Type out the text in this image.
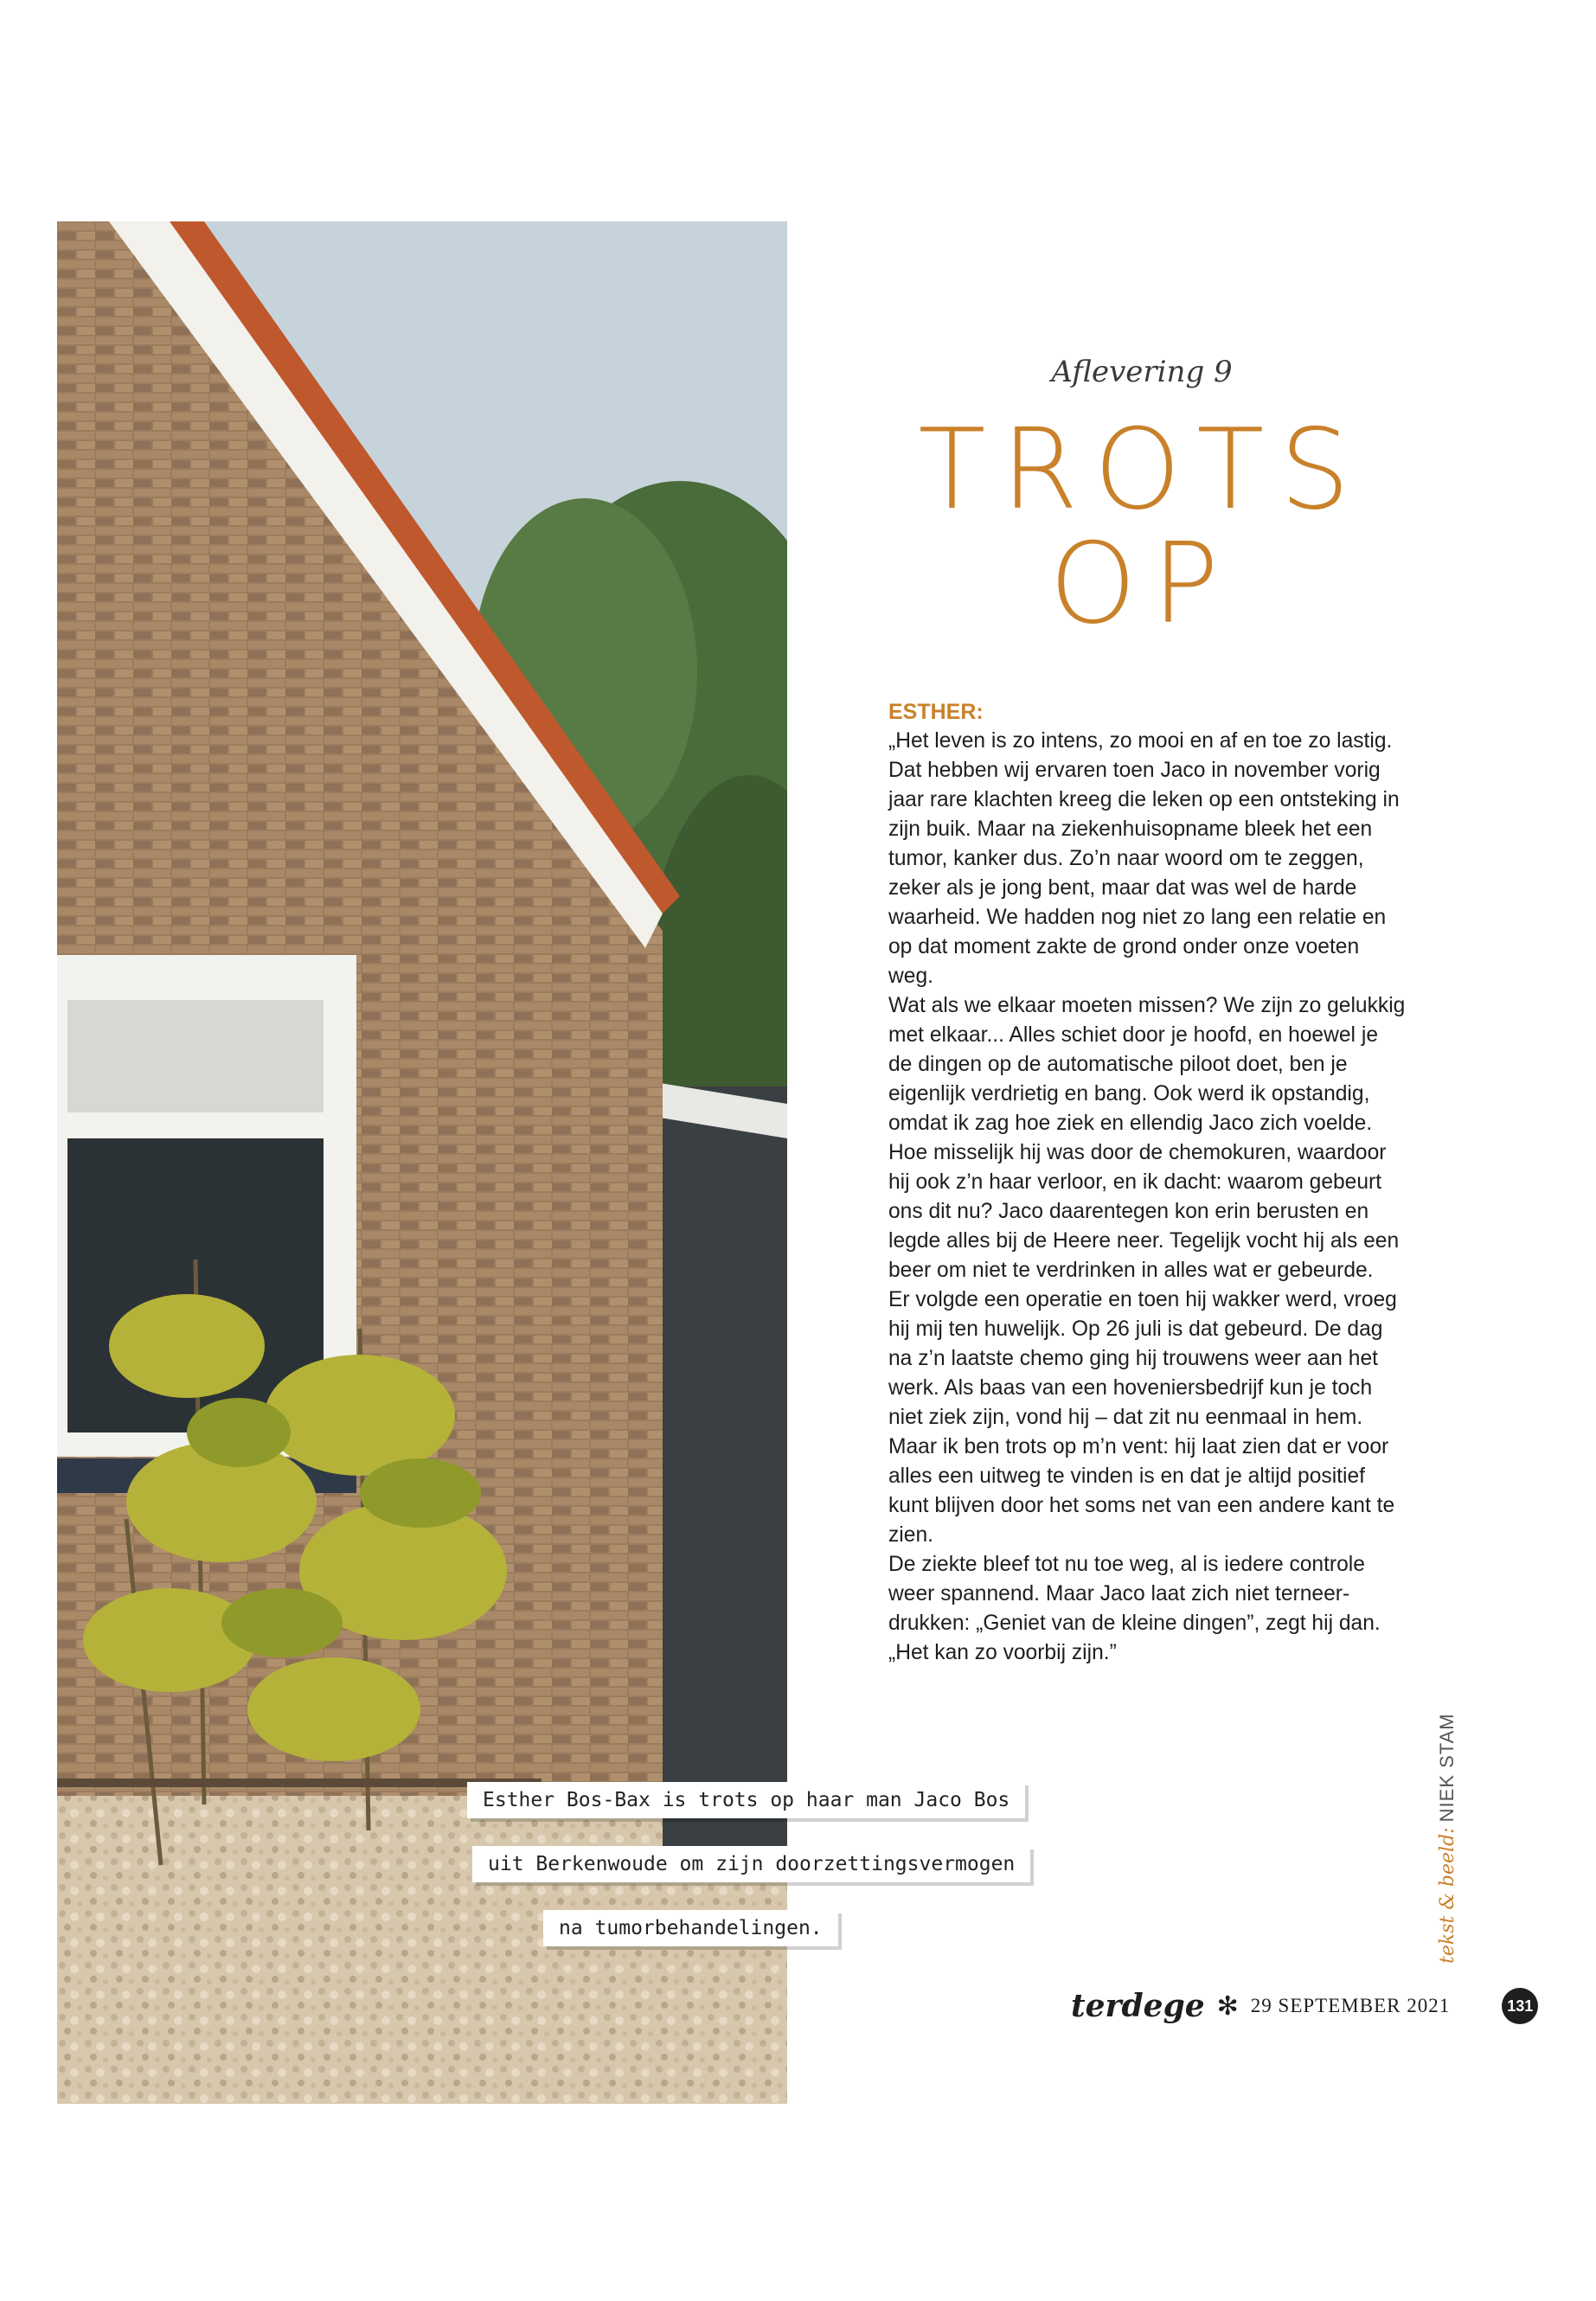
Aflevering 9
TROTS
OP
ESTHER:

„Het leven is zo intens, zo mooi en af en toe zo lastig. Dat hebben wij ervaren toen Jaco in november vorig jaar rare klachten kreeg die leken op een ontsteking in zijn buik. Maar na ziekenhuisopname bleek het een tumor, kanker dus. Zo’n naar woord om te zeggen, zeker als je jong bent, maar dat was wel de harde waarheid. We hadden nog niet zo lang een relatie en op dat moment zakte de grond onder onze voeten weg.

Wat als we elkaar moeten missen? We zijn zo gelukkig met elkaar... Alles schiet door je hoofd, en hoewel je de dingen op de automatische piloot doet, ben je eigenlijk verdrietig en bang. Ook werd ik opstandig, omdat ik zag hoe ziek en ellendig Jaco zich voelde. Hoe misselijk hij was door de chemokuren, waardoor hij ook z’n haar verloor, en ik dacht: waarom gebeurt ons dit nu? Jaco daarentegen kon erin berusten en legde alles bij de Heere neer. Tegelijk vocht hij als een beer om niet te verdrinken in alles wat er gebeurde.

Er volgde een operatie en toen hij wakker werd, vroeg hij mij ten huwelijk. Op 26 juli is dat gebeurd. De dag na z’n laatste chemo ging hij trouwens weer aan het werk. Als baas van een hoveniersbedrijf kun je toch niet ziek zijn, vond hij – dat zit nu eenmaal in hem. Maar ik ben trots op m’n vent: hij laat zien dat er voor alles een uitweg te vinden is en dat je altijd positief kunt blijven door het soms net van een andere kant te zien.

De ziekte bleef tot nu toe weg, al is iedere controle weer spannend. Maar Jaco laat zich niet terneerdrukken: „Geniet van de kleine dingen”, zegt hij dan. „Het kan zo voorbij zijn.”

Esther Bos-Bax is trots op haar man Jaco Bos
uit Berkenwoude om zijn doorzettingsvermogen
na tumorbehandelingen.	tekst & beeld: NIEK STAM
terdege ✻ 29 SEPTEMBER 2021	131
